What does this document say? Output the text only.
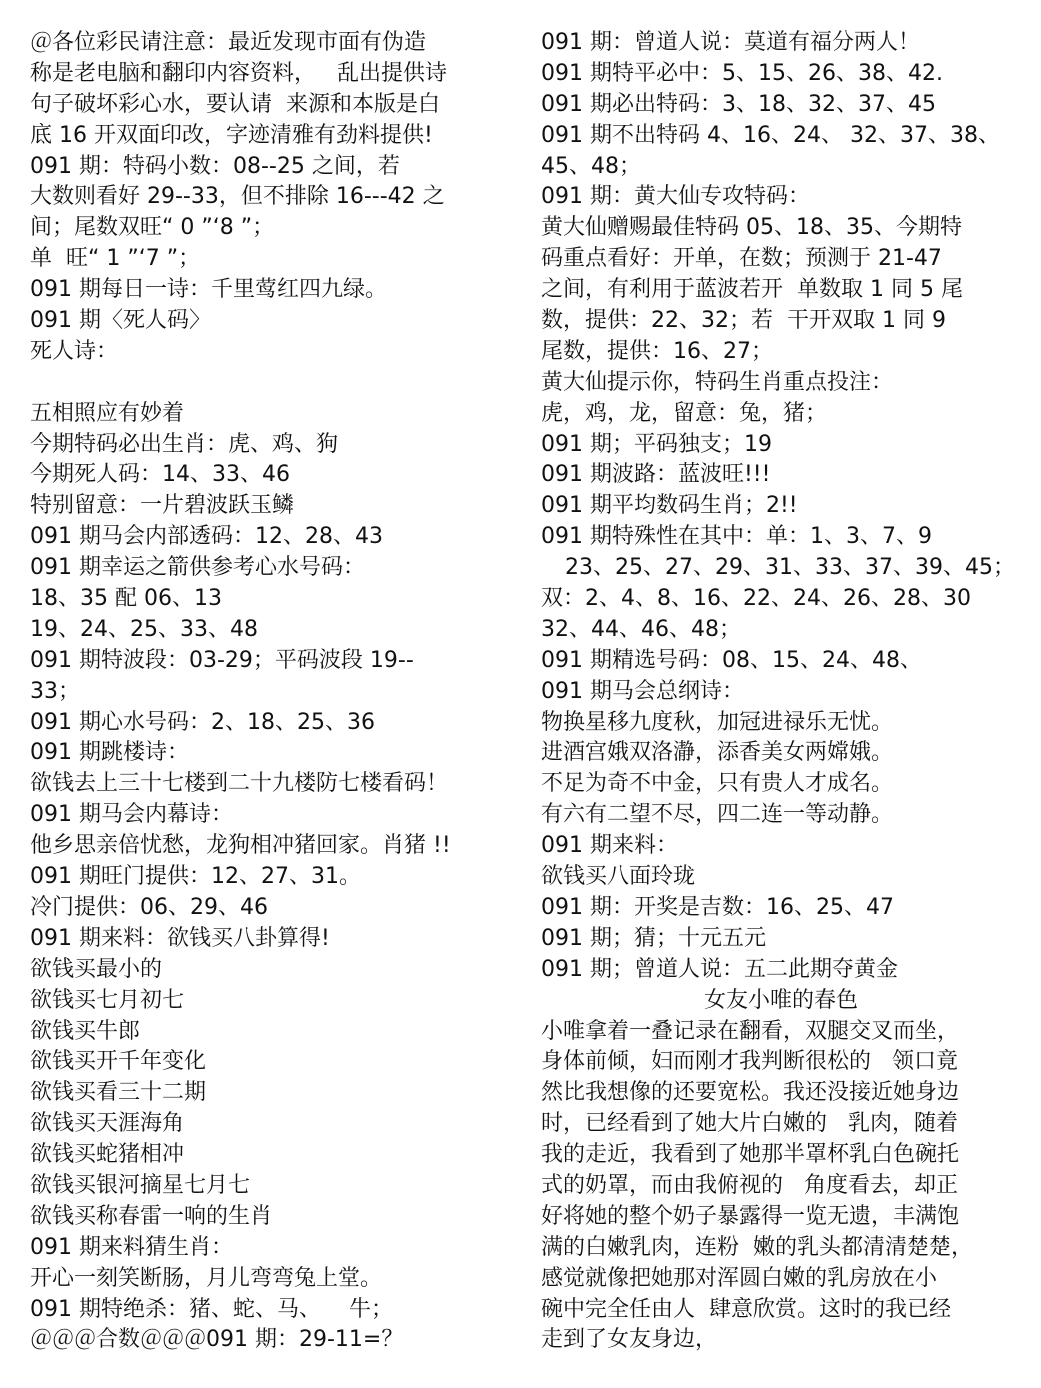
＠各位彩民请注意：最近发现市面有伪造
称是老电脑和翻印内容资料，   乱出提供诗
句子破坏彩心水，要认请  来源和本版是白
底 16 开双面印改，字迹清雅有劲料提供!
091 期：特码小数：08--25 之间，若
大数则看好 29--33，但不排除 16---42 之
间；尾数双旺“ 0 ”‘8 ”；
单  旺“ 1 ”‘7 ”；
091 期每日一诗：千里莺红四九绿。
091 期〈死人码〉
死人诗：
五相照应有妙着
今期特码必出生肖：虎、鸡、狗
今期死人码：14、33、46
特别留意：一片碧波跃玉鳞
091 期马会内部透码：12、28、43
091 期幸运之箭供参考心水号码：
18、35 配 06、13
19、24、25、33、48
091 期特波段：03-29；平码波段 19--
33；
091 期心水号码：2、18、25、36
091 期跳楼诗：
欲钱去上三十七楼到二十九楼防七楼看码！
091 期马会内幕诗：
他乡思亲倍忧愁，龙狗相冲猪回家。肖猪 !!
091 期旺门提供：12、27、31。
冷门提供：06、29、46
091 期来料：欲钱买八卦算得!
欲钱买最小的
欲钱买七月初七
欲钱买牛郎
欲钱买开千年变化
欲钱买看三十二期
欲钱买天涯海角
欲钱买蛇猪相冲
欲钱买银河摘星七月七
欲钱买称春雷一响的生肖
091 期来料猜生肖：
开心一刻笑断肠，月儿弯弯兔上堂。
091 期特绝杀：猪、蛇、马、    牛；
＠＠＠合数＠＠＠091 期：29-11=？
091 期：曾道人说：莫道有福分两人！
091 期特平必中：5、15、26、38、42.
091 期必出特码：3、18、32、37、45
091 期不出特码 4、16、24、 32、37、38、
45、48；
091 期：黄大仙专攻特码：
黄大仙赠赐最佳特码 05、18、35、今期特
码重点看好：开单，在数；预测于 21-47
之间，有利用于蓝波若开  单数取 1 同 5 尾
数，提供：22、32；若  干开双取 1 同 9
尾数，提供：16、27；
黄大仙提示你，特码生肖重点投注：
虎，鸡，龙，留意：兔，猪；
091 期；平码独支；19
091 期波路：蓝波旺!!!
091 期平均数码生肖；2!!
091 期特殊性在其中：单：1、3、7、9
23、25、27、29、31、33、37、39、45；
双：2、4、8、16、22、24、26、28、30
32、44、46、48；
091 期精选号码：08、15、24、48、
091 期马会总纲诗：
物换星移九度秋，加冠进禄乐无忧。
进酒宫娥双洛瀞，添香美女两嫦娥。
不足为奇不中金，只有贵人才成名。
有六有二望不尽，四二连一等动静。
091 期来料：
欲钱买八面玲珑
091 期：开奖是吉数：16、25、47
091 期；猜；十元五元
091 期；曾道人说：五二此期夺黄金
女友小唯的春色
小唯拿着一叠记录在翻看，双腿交叉而坐，
身体前倾，妇而刚才我判断很松的   领口竟
然比我想像的还要宽松。我还没接近她身边
时，已经看到了她大片白嫩的   乳肉，随着
我的走近，我看到了她那半罩杯乳白色碗托
式的奶罩，而由我俯视的   角度看去，却正
好将她的整个奶子暴露得一览无遗，丰满饱
满的白嫩乳肉，连粉  嫩的乳头都清清楚楚，
感觉就像把她那对浑圆白嫩的乳房放在小
碗中完全任由人  肆意欣赏。这时的我已经
走到了女友身边，
